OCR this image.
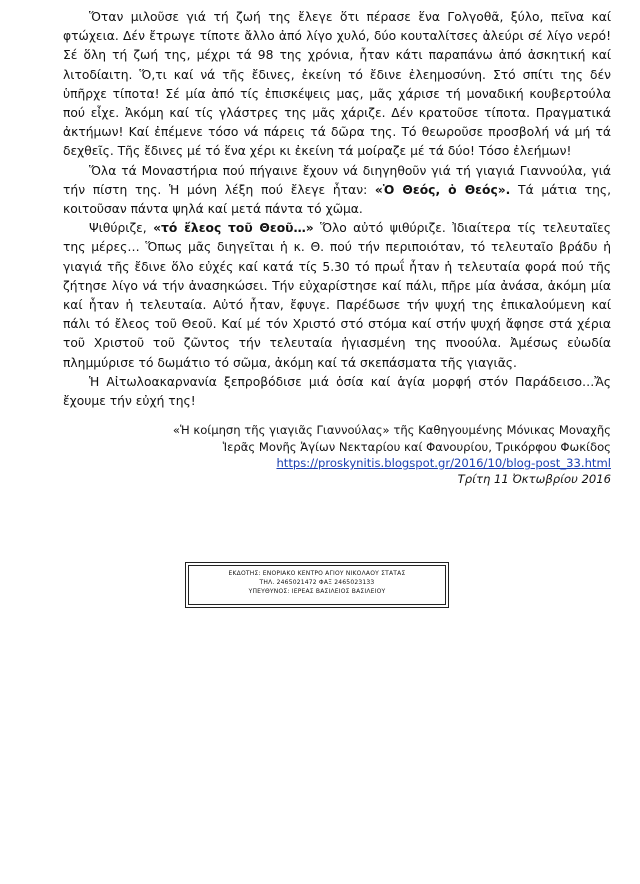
Ὅταν μιλοῦσε γιά τή ζωή της ἔλεγε ὅτι πέρασε ἕνα Γολγοθᾶ, ξύλο, πεῖνα καί φτώχεια. Δέν ἔτρωγε τίποτε ἄλλο ἀπό λίγο χυλό, δύο κουταλίτσες ἀλεύρι σέ λίγο νερό! Σέ ὅλη τή ζωή της, μέχρι τά 98 της χρόνια, ἦταν κάτι παραπάνω ἀπό ἀσκητική καί λιτοδίαιτη. Ὅ,τι καί νά τῆς ἔδινες, ἐκείνη τό ἔδινε ἐλεημοσύνη. Στό σπίτι της δέν ὑπῆρχε τίποτα! Σέ μία ἀπό τίς ἐπισκέψεις μας, μᾶς χάρισε τή μοναδική κουβερτούλα πού εἶχε. Ἀκόμη καί τίς γλάστρες της μᾶς χάριζε. Δέν κρατοῦσε τίποτα. Πραγματικά ἀκτήμων! Καί ἐπέμενε τόσο νά πάρεις τά δῶρα της. Τό θεωροῦσε προσβολή νά μή τά δεχθεῖς. Τῆς ἔδινες μέ τό ἕνα χέρι κι ἐκείνη τά μοίραζε μέ τά δύο! Τόσο ἐλεήμων!

Ὅλα τά Μοναστήρια πού πήγαινε ἔχουν νά διηγηθοῦν γιά τή γιαγιά Γιαννούλα, γιά τήν πίστη της. Ἡ μόνη λέξη πού ἔλεγε ἦταν: «Ὁ Θεός, ὁ Θεός». Τά μάτια της, κοιτοῦσαν πάντα ψηλά καί μετά πάντα τό χῶμα.

Ψιθύριζε, «τό ἔλεος τοῦ Θεοῦ…» Ὅλο αὐτό ψιθύριζε. Ἰδιαίτερα τίς τελευταῖες της μέρες… Ὅπως μᾶς διηγεῖται ἡ κ. Θ. πού τήν περιποιόταν, τό τελευταῖο βράδυ ἡ γιαγιά τῆς ἔδινε ὅλο εὐχές καί κατά τίς 5.30 τό πρωΐ ἦταν ἡ τελευταία φορά πού τῆς ζήτησε λίγο νά τήν ἀνασηκώσει. Τήν εὐχαρίστησε καί πάλι, πῆρε μία ἀνάσα, ἀκόμη μία καί ἦταν ἡ τελευταία. Αὐτό ἦταν, ἔφυγε. Παρέδωσε τήν ψυχή της ἐπικαλούμενη καί πάλι τό ἔλεος τοῦ Θεοῦ. Καί μέ τόν Χριστό στό στόμα καί στήν ψυχή ἄφησε στά χέρια τοῦ Χριστοῦ τοῦ ζῶντος τήν τελευταία ἡγιασμένη της πνοούλα. Ἀμέσως εὐωδία πλημμύρισε τό δωμάτιο τό σῶμα, ἀκόμη καί τά σκεπάσματα τῆς γιαγιᾶς.

Ἡ Αἰτωλοακαρνανία ξεπροβόδισε μιά ὁσία καί ἁγία μορφή στόν Παράδεισο…Ἄς ἔχουμε τήν εὐχή της!

«Ἡ κοίμηση τῆς γιαγιᾶς Γιαννούλας» τῆς Καθηγουμένης Μόνικας Μοναχῆς
Ἱερᾶς Μονῆς Ἁγίων Νεκταρίου καί Φανουρίου, Τρικόρφου Φωκίδος
https://proskynitis.blogspot.gr/2016/10/blog-post_33.html
Τρίτη 11 Ὀκτωβρίου 2016
ΕΚΔΟΤΗΣ: ΕΝΟΡΙΑΚΟ ΚΕΝΤΡΟ ΑΓΙΟΥ ΝΙΚΟΛΑΟΥ ΣΤΑΤΑΣ
ΤΗΛ. 2465021472 ΦΑΞ 2465023133
ΥΠΕΥΘΥΝΟΣ: ΙΕΡΕΑΣ ΒΑΣΙΛΕΙΟΣ ΒΑΣΙΛΕΙΟΥ
